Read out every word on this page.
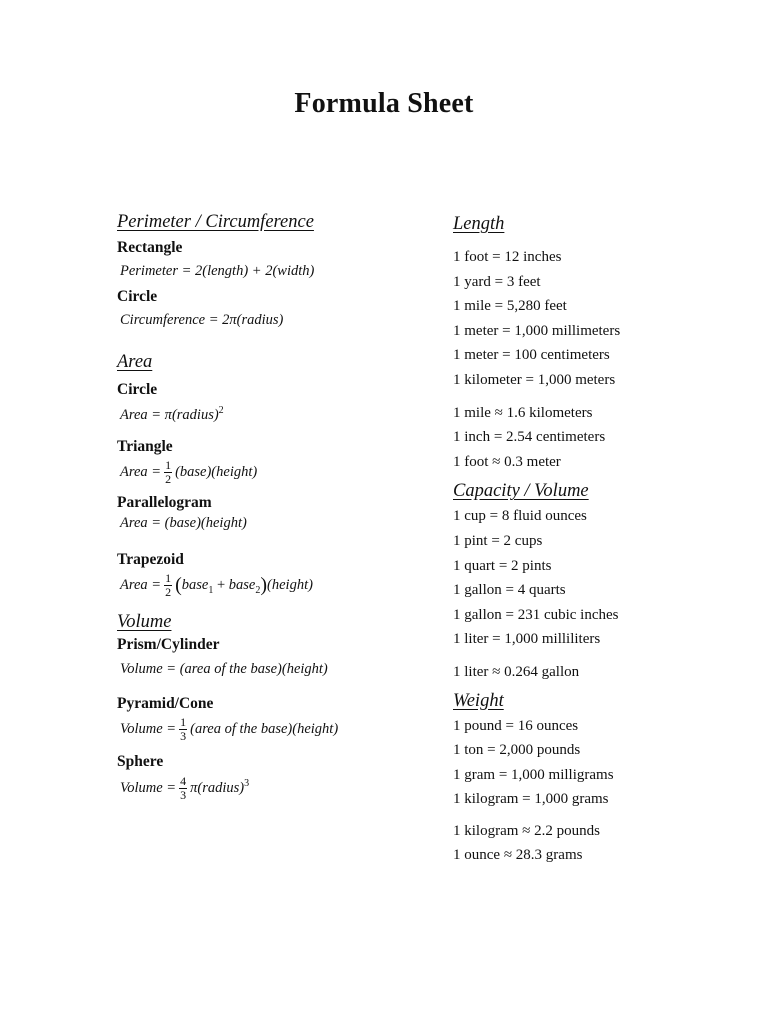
Formula Sheet
Perimeter / Circumference
Rectangle
Perimeter = 2(length) + 2(width)
Circle
Circumference = 2π(radius)
Area
Circle
Area = π(radius)$^2$
Triangle
Area = $\frac{1}{2}$ (base)(height)
Parallelogram
Area = (base)(height)
Trapezoid
Area = $\frac{1}{2}$ (base$_1$ + base$_2$)(height)
Volume
Prism/Cylinder
Volume = (area of the base)(height)
Pyramid/Cone
Volume = $\frac{1}{3}$ (area of the base)(height)
Sphere
Volume = $\frac{4}{3}$ π(radius)$^3$
Length
1 foot = 12 inches
1 yard = 3 feet
1 mile = 5,280 feet
1 meter = 1,000 millimeters
1 meter = 100 centimeters
1 kilometer = 1,000 meters
1 mile ≈ 1.6 kilometers
1 inch = 2.54 centimeters
1 foot ≈ 0.3 meter
Capacity / Volume
1 cup = 8 fluid ounces
1 pint = 2 cups
1 quart = 2 pints
1 gallon = 4 quarts
1 gallon = 231 cubic inches
1 liter = 1,000 milliliters
1 liter ≈ 0.264 gallon
Weight
1 pound = 16 ounces
1 ton = 2,000 pounds
1 gram = 1,000 milligrams
1 kilogram = 1,000 grams
1 kilogram ≈ 2.2 pounds
1 ounce ≈ 28.3 grams
